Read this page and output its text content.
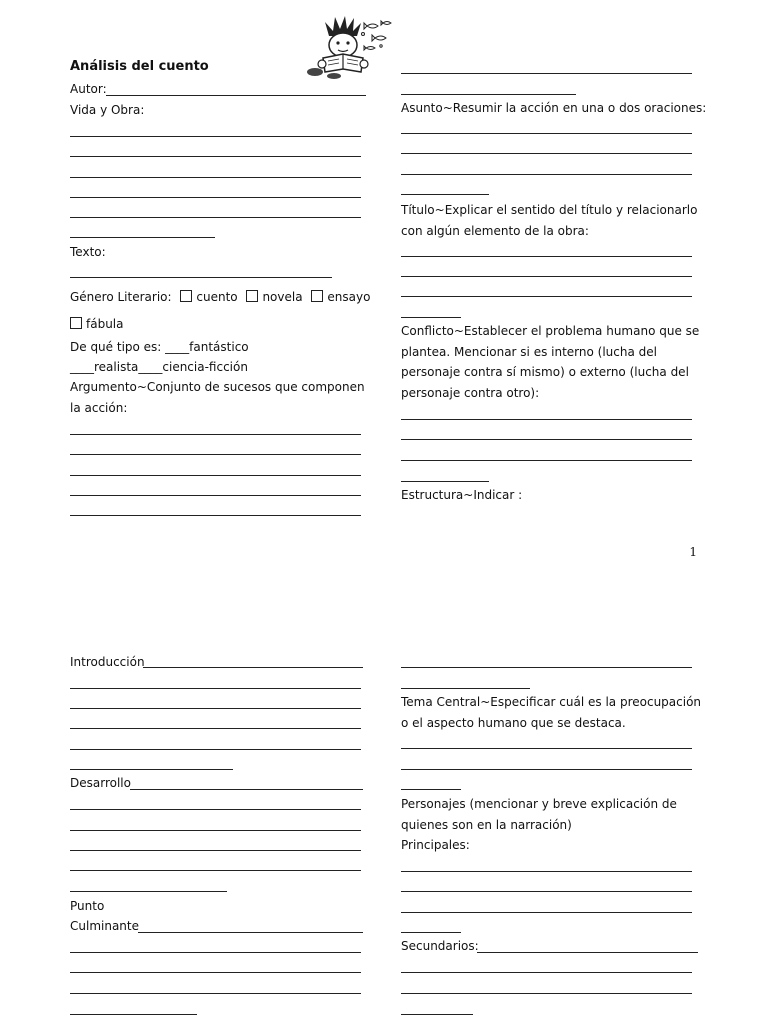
Análisis del cuento
Autor:
Vida y Obra:
Texto:
Género Literario: cuento novela ensayo
fábula
De qué tipo es: ____fantástico
____realista____ciencia-ficción
Argumento~Conjunto de sucesos que componen
la acción:
Asunto~Resumir la acción en una o dos oraciones:
Título~Explicar el sentido del título y relacionarlo
con algún elemento de la obra:
Conflicto~Establecer el problema humano que se
plantea. Mencionar si es interno (lucha del
personaje contra sí mismo) o externo (lucha del
personaje contra otro):
Estructura~Indicar :
1
Introducción
Desarrollo
Punto
Culminante
Tema Central~Especificar cuál es la preocupación
o el aspecto humano que se destaca.
Personajes (mencionar y breve explicación de
quienes son en la narración)
Principales:
Secundarios:
